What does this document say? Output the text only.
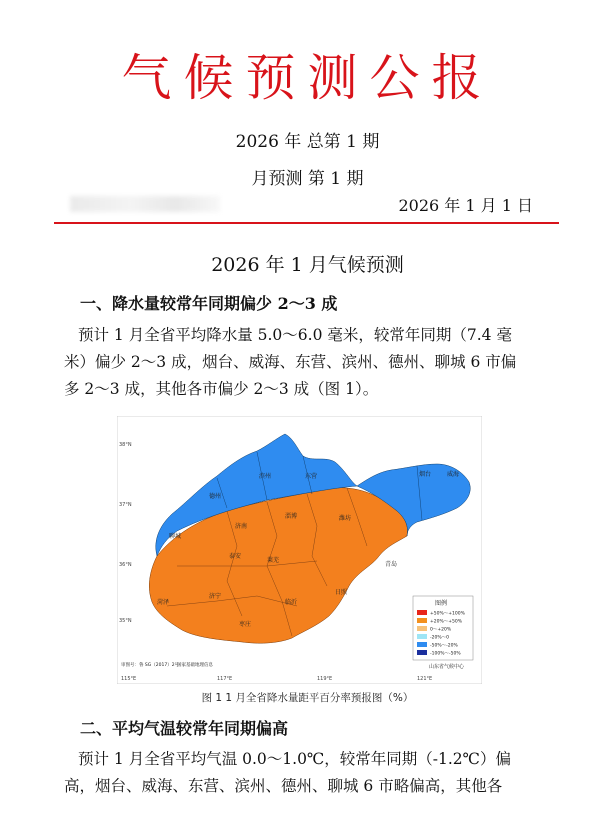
气候预测公报
2026 年 总第 1 期
月预测 第 1 期
2026 年 1 月 1 日
2026 年 1 月气候预测
一、降水量较常年同期偏少 2～3 成
预计 1 月全省平均降水量 5.0～6.0 毫米，较常年同期（7.4 毫
米）偏少 2～3 成，烟台、威海、东营、滨州、德州、聊城 6 市偏
多 2～3 成，其他各市偏少 2～3 成（图 1）。
38°N
37°N
36°N
35°N
115°E	117°E	119°E	121°E
德州
滨州	东营	烟台	威海
聊城
济南
淄博	潍坊
青岛
泰安
莱芜
济宁
菏泽
枣庄
临沂
日照
图例
+50%～+100%
+20%～+50%
0～+20%
-20%～0
-50%～-20%
-100%～-50%
审图号：鲁 SG（2017）2号
国家基础地理信息	山东省气候中心
图 1 1 月全省降水量距平百分率预报图（%）
二、平均气温较常年同期偏高
预计 1 月全省平均气温 0.0～1.0℃，较常年同期（-1.2℃）偏
高，烟台、威海、东营、滨州、德州、聊城 6 市略偏高，其他各
